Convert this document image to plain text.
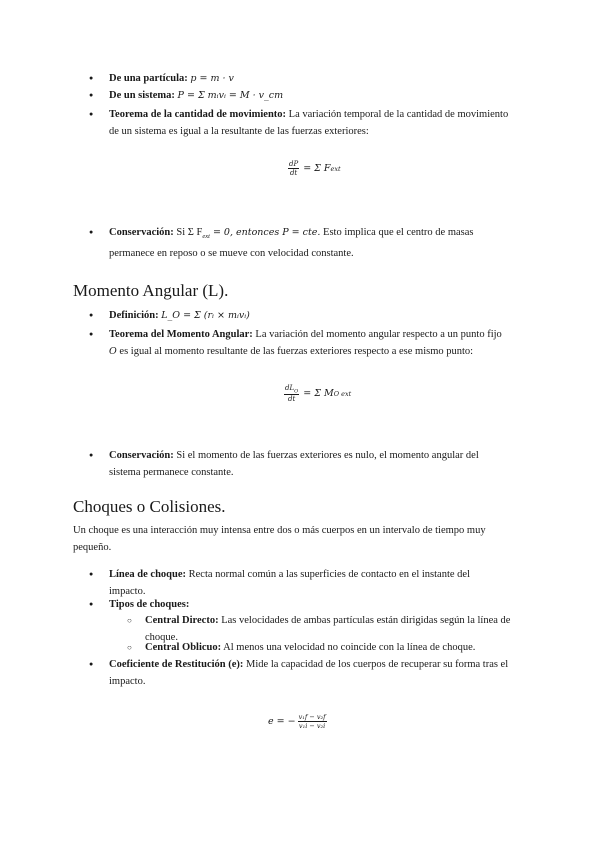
● De una partícula: p = m · v
● De un sistema: P = Σ mᵢvᵢ = M · v_cm
● Teorema de la cantidad de movimiento: La variación temporal de la cantidad de movimiento de un sistema es igual a la resultante de las fuerzas exteriores:
$\frac{dP}{dt} = \Sigma$ F ext
● Conservación: Si Σ $F_{ext} = 0$, entonces P = cte. Esto implica que el centro de masas permanece en reposo o se mueve con velocidad constante.
Momento Angular (L).
● Definición: L_O = Σ (rᵢ × mᵢvᵢ)
● Teorema del Momento Angular: La variación del momento angular respecto a un punto fijo O es igual al momento resultante de las fuerzas exteriores respecto a ese mismo punto:
$\frac{dL_O}{dt} = \Sigma$ M O ext
● Conservación: Si el momento de las fuerzas exteriores es nulo, el momento angular del sistema permanece constante.
Choques o Colisiones.
Un choque es una interacción muy intensa entre dos o más cuerpos en un intervalo de tiempo muy pequeño.
● Línea de choque: Recta normal común a las superficies de contacto en el instante del impacto.
● Tipos de choques:
○ Central Directo: Las velocidades de ambas partículas están dirigidas según la línea de choque.
○ Central Oblicuo: Al menos una velocidad no coincide con la línea de choque.
● Coeficiente de Restitución (e): Mide la capacidad de los cuerpos de recuperar su forma tras el impacto.
e = − $\frac{\text{v₁f − v₂f}}{\text{v₁i − v₂i}}$
